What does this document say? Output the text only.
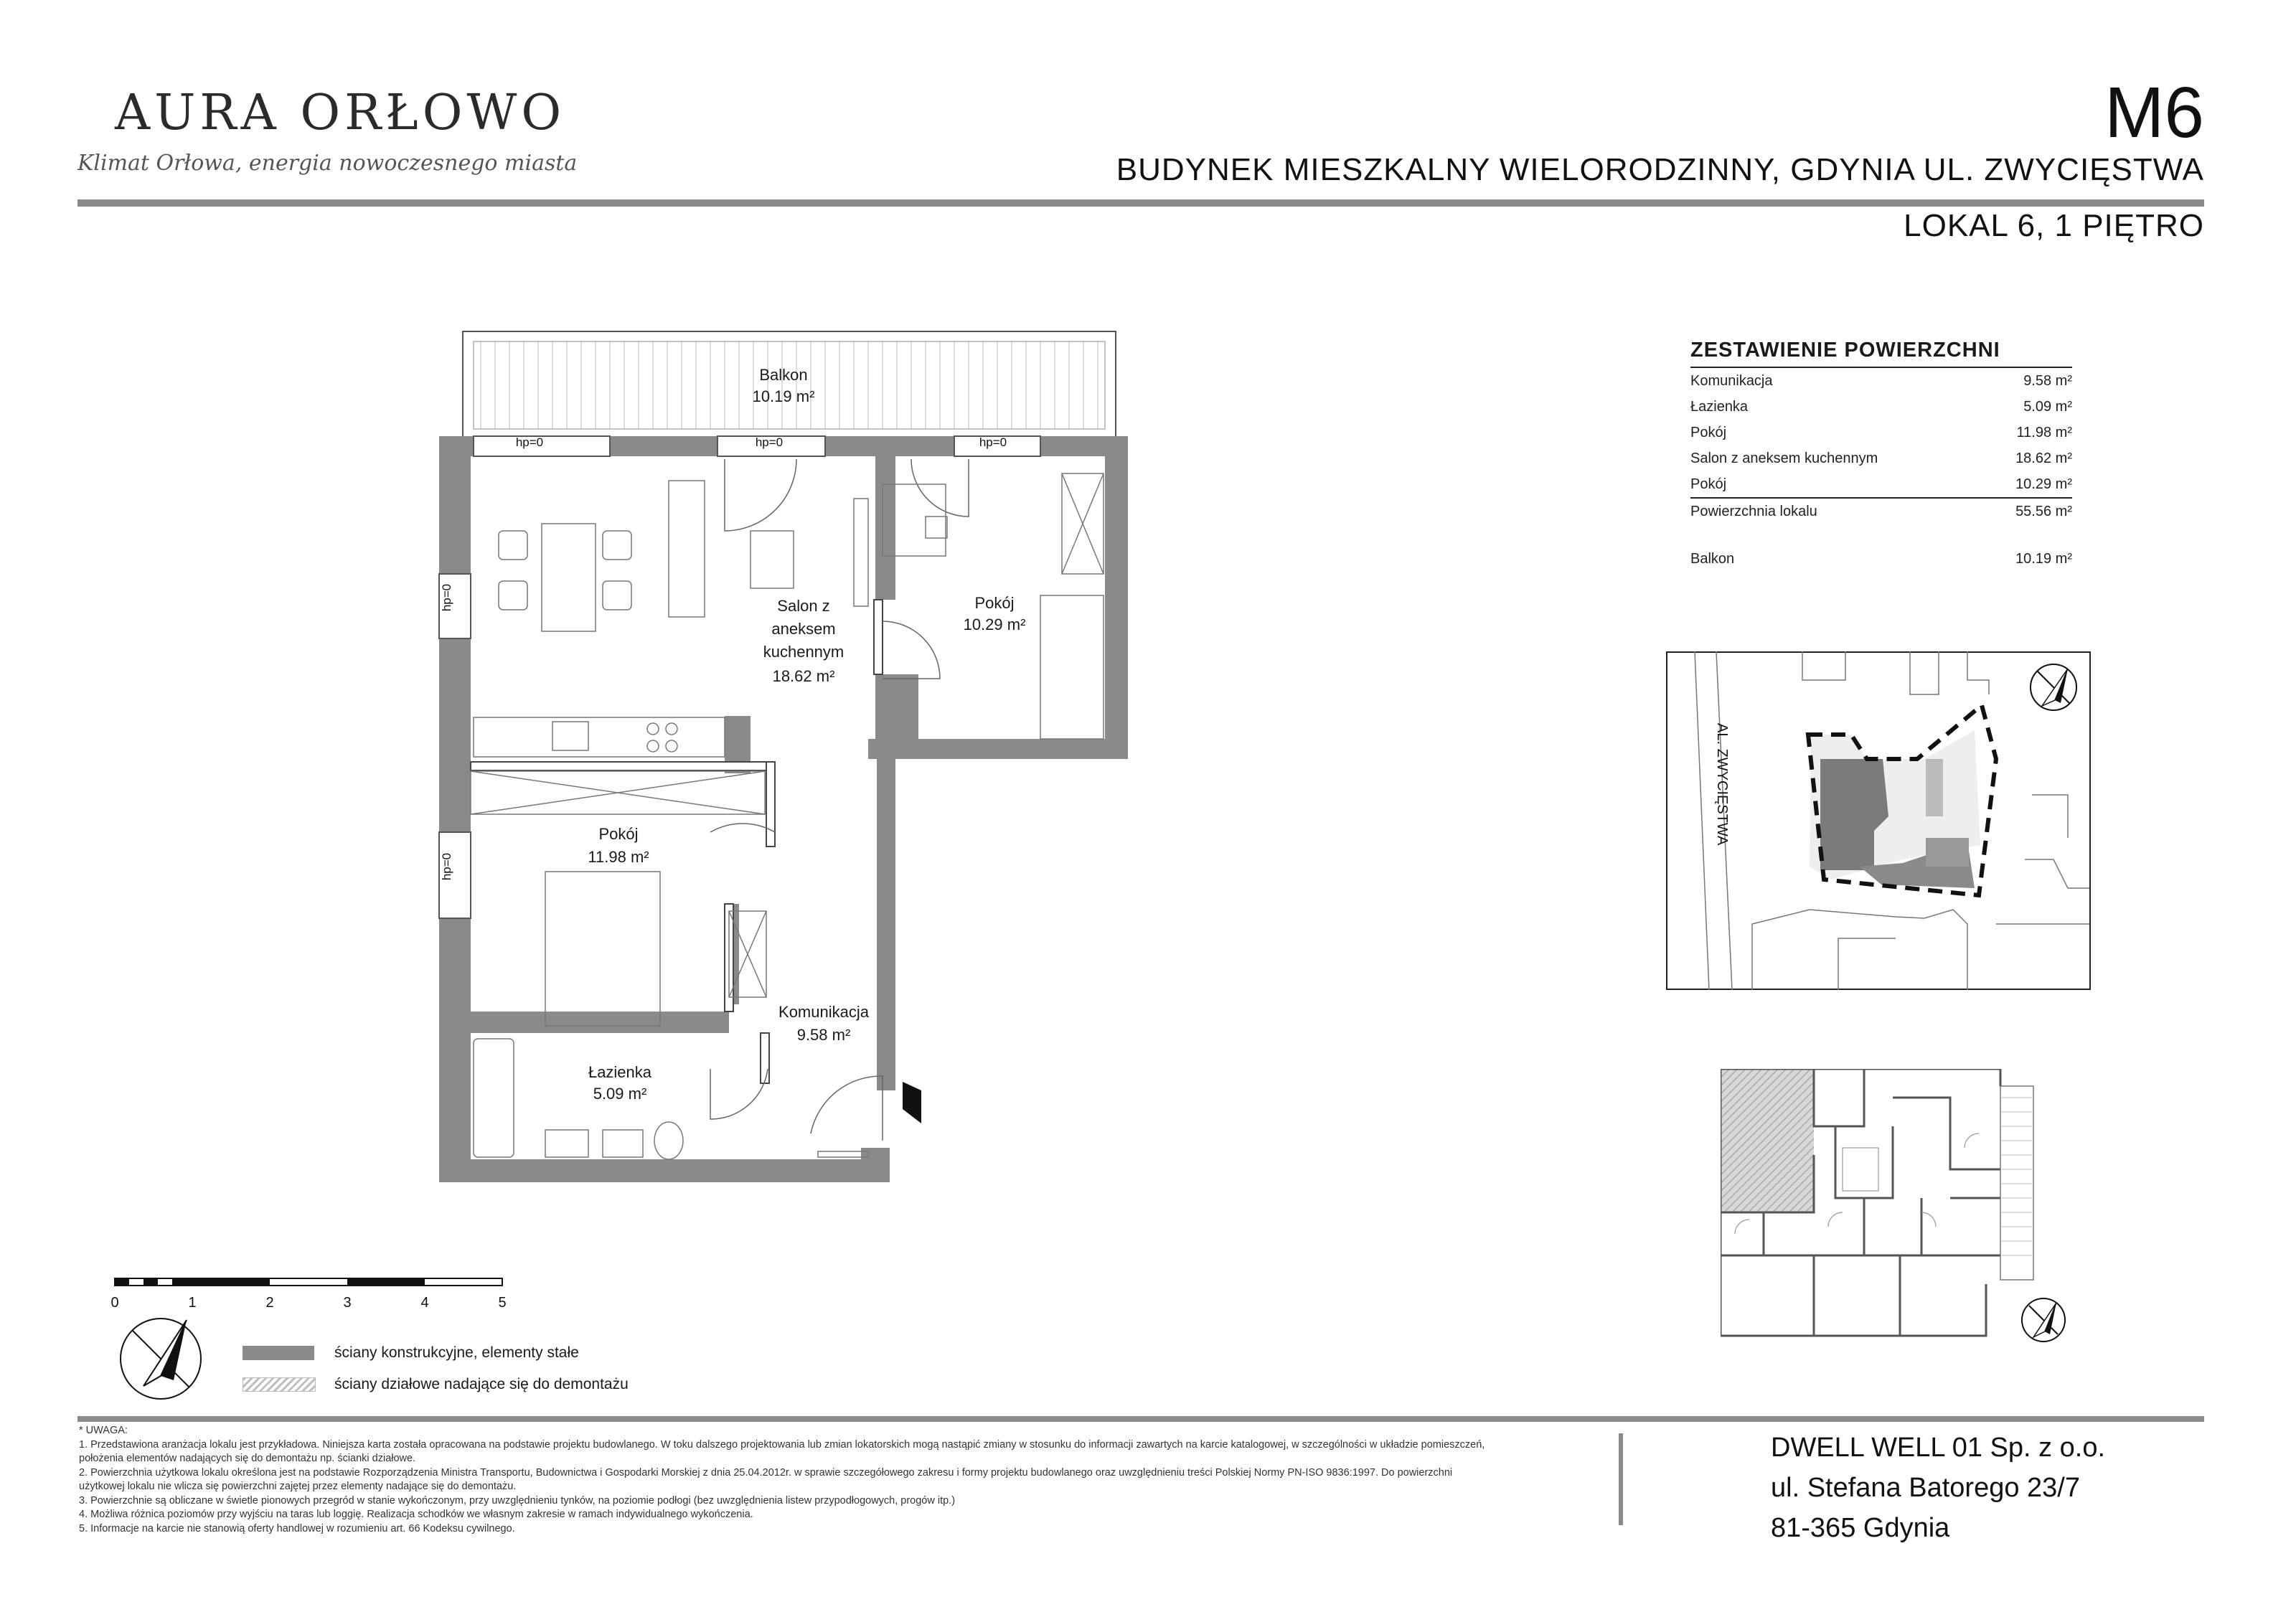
AURA ORŁOWO
Klimat Orłowa, energia nowoczesnego miasta
M6
BUDYNEK MIESZKALNY WIELORODZINNY, GDYNIA UL. ZWYCIĘSTWA
LOKAL 6, 1 PIĘTRO
ZESTAWIENIE POWIERZCHNI
Komunikacja	9.58 m²
Łazienka	5.09 m²
Pokój	11.98 m²
Salon z aneksem kuchennym	18.62 m²
Pokój	10.29 m²
Powierzchnia lokalu	55.56 m²
Balkon	10.19 m²
hp=0	hp=0	hp=0
hp=0
hp=0
Balkon
10.19 m²
Salon z
aneksem
kuchennym
18.62 m²
Pokój
10.29 m²
Pokój
11.98 m²
Komunikacja
9.58 m²
Łazienka
5.09 m²
0	1	2	3	4	5
ściany konstrukcyjne, elementy stałe
ściany działowe nadające się do demontażu
AL. ZWYCIĘSTWA
* UWAGA:
1. Przedstawiona aranżacja lokalu jest przykładowa. Niniejsza karta została opracowana na podstawie projektu budowlanego. W toku dalszego projektowania lub zmian lokatorskich mogą nastąpić zmiany w stosunku do informacji zawartych na karcie katalogowej, w szczególności w układzie pomieszczeń,
położenia elementów nadających się do demontażu np. ścianki działowe.
2. Powierzchnia użytkowa lokalu określona jest na podstawie Rozporządzenia Ministra Transportu, Budownictwa i Gospodarki Morskiej z dnia 25.04.2012r. w sprawie szczegółowego zakresu i formy projektu budowlanego oraz uwzględnieniu treści Polskiej Normy PN-ISO 9836:1997. Do powierzchni
użytkowej lokalu nie wlicza się powierzchni zajętej przez elementy nadające się do demontażu.
3. Powierzchnie są obliczane w świetle pionowych przegród w stanie wykończonym, przy uwzględnieniu tynków, na poziomie podłogi (bez uwzględnienia listew przypodłogowych, progów itp.)
4. Możliwa różnica poziomów przy wyjściu na taras lub loggię. Realizacja schodków we własnym zakresie w ramach indywidualnego wykończenia.
5. Informacje na karcie nie stanowią oferty handlowej w rozumieniu art. 66 Kodeksu cywilnego.
DWELL WELL 01 Sp. z o.o.
ul. Stefana Batorego 23/7
81-365 Gdynia
